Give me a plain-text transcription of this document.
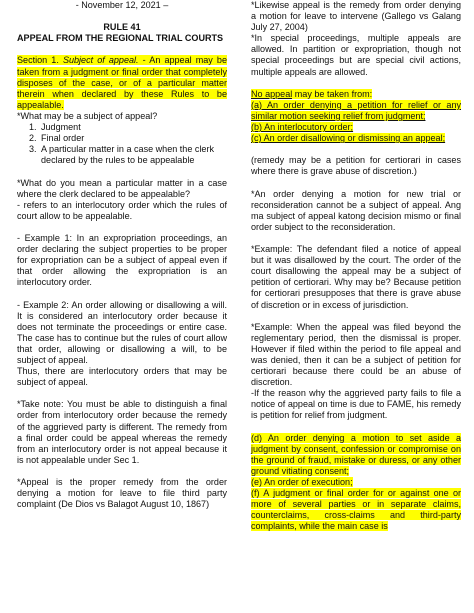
- November 12, 2021 –

RULE 41

APPEAL FROM THE REGIONAL TRIAL COURTS

Section 1. Subject of appeal. - An appeal may be taken from a judgment or final order that completely disposes of the case, or of a particular matter therein when declared by these Rules to be appealable.

*What may be a subject of appeal?

1. Judgment
2. Final order
3. A particular matter in a case when the clerk declared by the rules to be appealable

*What do you mean a particular matter in a case where the clerk declared to be appealable?

- refers to an interlocutory order which the rules of court allow to be appealable.

- Example 1: In an expropriation proceedings, an order declaring the subject properties to be proper for expropriation can be a subject of appeal even if that order allowing the expropriation is an interlocutory order.

- Example 2: An order allowing or disallowing a will. It is considered an interlocutory order because it does not terminate the proceedings or entire case. The case has to continue but the rules of court allow that order, allowing or disallowing a will, to be subject of appeal.

Thus, there are interlocutory orders that may be subject of appeal.

*Take note: You must be able to distinguish a final order from interlocutory order because the remedy of the aggrieved party is different. The remedy from a final order could be appeal whereas the remedy from an interlocutory order is not appeal because it is not appealable under Sec 1.

*Appeal is the proper remedy from the order denying a motion for leave to file third party complaint (De Dios vs Balagot August 10, 1867)

*Likewise appeal is the remedy from order denying a motion for leave to intervene (Gallego vs Galang July 27, 2004)

*In special proceedings, multiple appeals are allowed. In partition or expropriation, though not special proceedings but are special civil actions, multiple appeals are allowed.

No appeal may be taken from:

(a) An order denying a petition for relief or any similar motion seeking relief from judgment;

(b) An interlocutory order;

(c) An order disallowing or dismissing an appeal;

(remedy may be a petition for certiorari in cases where there is grave abuse of discretion.)

*An order denying a motion for new trial or reconsideration cannot be a subject of appeal. Ang ma subject of appeal katong decision mismo or final order subject to the reconsideration.

*Example: The defendant filed a notice of appeal but it was disallowed by the court. The order of the court disallowing the appeal may be a subject of petition of certiorari. Why may be? Because petition for certiorari presupposes that there is grave abuse of discretion or in excess of jurisdiction.

*Example: When the appeal was filed beyond the reglementary period, then the dismissal is proper. However if filed within the period to file appeal and was denied, then it can be a subject of petition for certiorari because there could be an abuse of discretion.

-If the reason why the aggrieved party fails to file a notice of appeal on time is due to FAME, his remedy is petition for relief from judgment.

(d) An order denying a motion to set aside a judgment by consent, confession or compromise on the ground of fraud, mistake or duress, or any other ground vitiating consent;

(e) An order of execution;

(f) A judgment or final order for or against one or more of several parties or in separate claims, counterclaims, cross-claims and third-party complaints, while the main case is
